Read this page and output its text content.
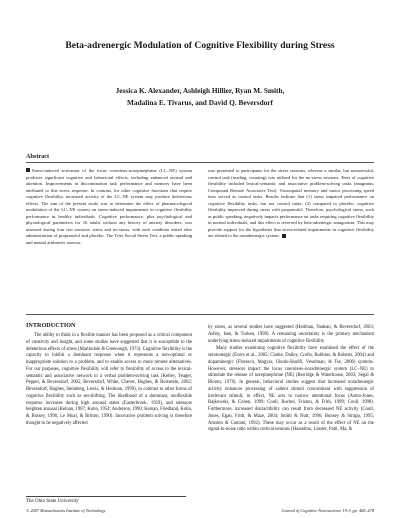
Beta-adrenergic Modulation of Cognitive Flexibility during Stress
Jessica K. Alexander, Ashleigh Hillier, Ryan M. Smith,
Madalina E. Tivarus, and David Q. Beversdorf
Abstract

Stress-induced activation of the locus coeruleus–norepinephrine (LC–NE) system produces significant cognitive and behavioral effects, including enhanced arousal and attention. Improvements in discrimination task performance and memory have been attributed to this stress response. In contrast, for other cognitive functions that require cognitive flexibility, increased activity of the LC–NE system may produce deleterious effects. The aim of the present study was to determine the effect of pharmacological modulation of the LC–NE system on stress-induced impairments in cognitive flexibility performance in healthy individuals. Cognitive performance, plus psychological and physiological parameters for 16 adults without any history of anxiety disorders, was assessed during four test sessions: stress and no-stress, with each condition tested after administration of propranolol and placebo. The Trier Social Stress Test, a public-speaking and mental arithmetic stressor,

was presented to participants for the stress sessions, whereas a similar, but nonstressful, control task (reading, counting) was utilized for the no-stress sessions. Tests of cognitive flexibility included lexical-semantic and associative problem-solving tasks (anagrams, Compound Remote Associates Test). Visuospatial memory and motor processing speed tests served as control tasks. Results indicate that (1) stress impaired performance on cognitive flexibility tasks, but not control tasks; (2) compared to placebo, cognitive flexibility improved during stress with propranolol. Therefore, psychological stress, such as public speaking, negatively impacts performance on tasks requiring cognitive flexibility in normal individuals, and this effect is reversed by beta-adrenergic antagonism. This may provide support for the hypothesis that stress-related impairments in cognitive flexibility are related to the noradrenergic system.

INTRODUCTION

The ability to think in a flexible manner has been proposed as a critical component of creativity and insight, and some studies have suggested that it is susceptible to the deleterious effects of stress (Martindale & Greenough, 1973). Cognitive flexibility is the capacity to inhibit a dominant response when it represents a non-optimal or inappropriate solution to a problem, and to enable access to more remote alternatives. For our purposes, cognitive flexibility will refer to flexibility of access to the lexical-semantic and associative network in a verbal problem-solving task (Kelley, Yeager, Pepper, & Beversdorf, 2005; Beversdorf, White, Chever, Hughes, & Bornstein, 2002; Beversdorf, Hughes, Steinberg, Lewis, & Heilman, 1999), in contrast to other forms of cognitive flexibility such as set-shifting. The likelihood of a dominant, nonflexible response increases during high arousal states (Easterbrook, 1959), and stressors heighten arousal (Keinan, 1987; Kohn, 1954; Anderson, 1990; Keinan, Friedland, Kohn, & Bussey, 1996; Le Moal, & Britton, 1990). Innovative problem solving is therefore thought to be negatively affected

by stress, as several studies have suggested (Heilman, Nadeau, & Beversdorf, 2003; Ashby, Isen, & Turken, 1999). A remaining uncertainty is the primary mechanism underlying stress-induced impairments of cognitive flexibility.

Many studies examining cognitive flexibility have examined the effect of the serotonergic (Evers et al., 2005; Clarke, Dailey, Crofts, Robbins, & Roberts, 2004) and dopaminergic (Floresco, Magyar, Ghods-Sharifi, Vexelman, & Tse, 2006) systems. However, stressors impact the locus coeruleus–noradrenergic system (LC–NE) to stimulate the release of norepinephrine (NE) (Berridge & Waterhouse, 2003; Segal & Bloom, 1976). In general, behavioral studies suggest that increased noradrenergic activity enhances processing of salient stimuli concomitant with suppression of irrelevant stimuli; in effect, NE acts to narrow attentional focus (Aston-Jones, Rajkowski, & Cohen, 1999; Coull, Buchel, Friston, & Frith, 1999; Coull, 1998). Furthermore, increased distractibility can result from decreased NE activity (Coull, Jones, Egan, Frith, & Maze, 2004; Smith & Nutt, 1996; Bunsey & Strupp, 1995; Arnsten & Contant, 1992). These may occur as a result of the effect of NE on the signal-to-noise ratio within cortical neurons (Hasselmo, Linster, Patil, Ma, &

The Ohio State University
© 2007 Massachusetts Institute of Technology	Journal of Cognitive Neuroscience 19:3, pp. 468–478
